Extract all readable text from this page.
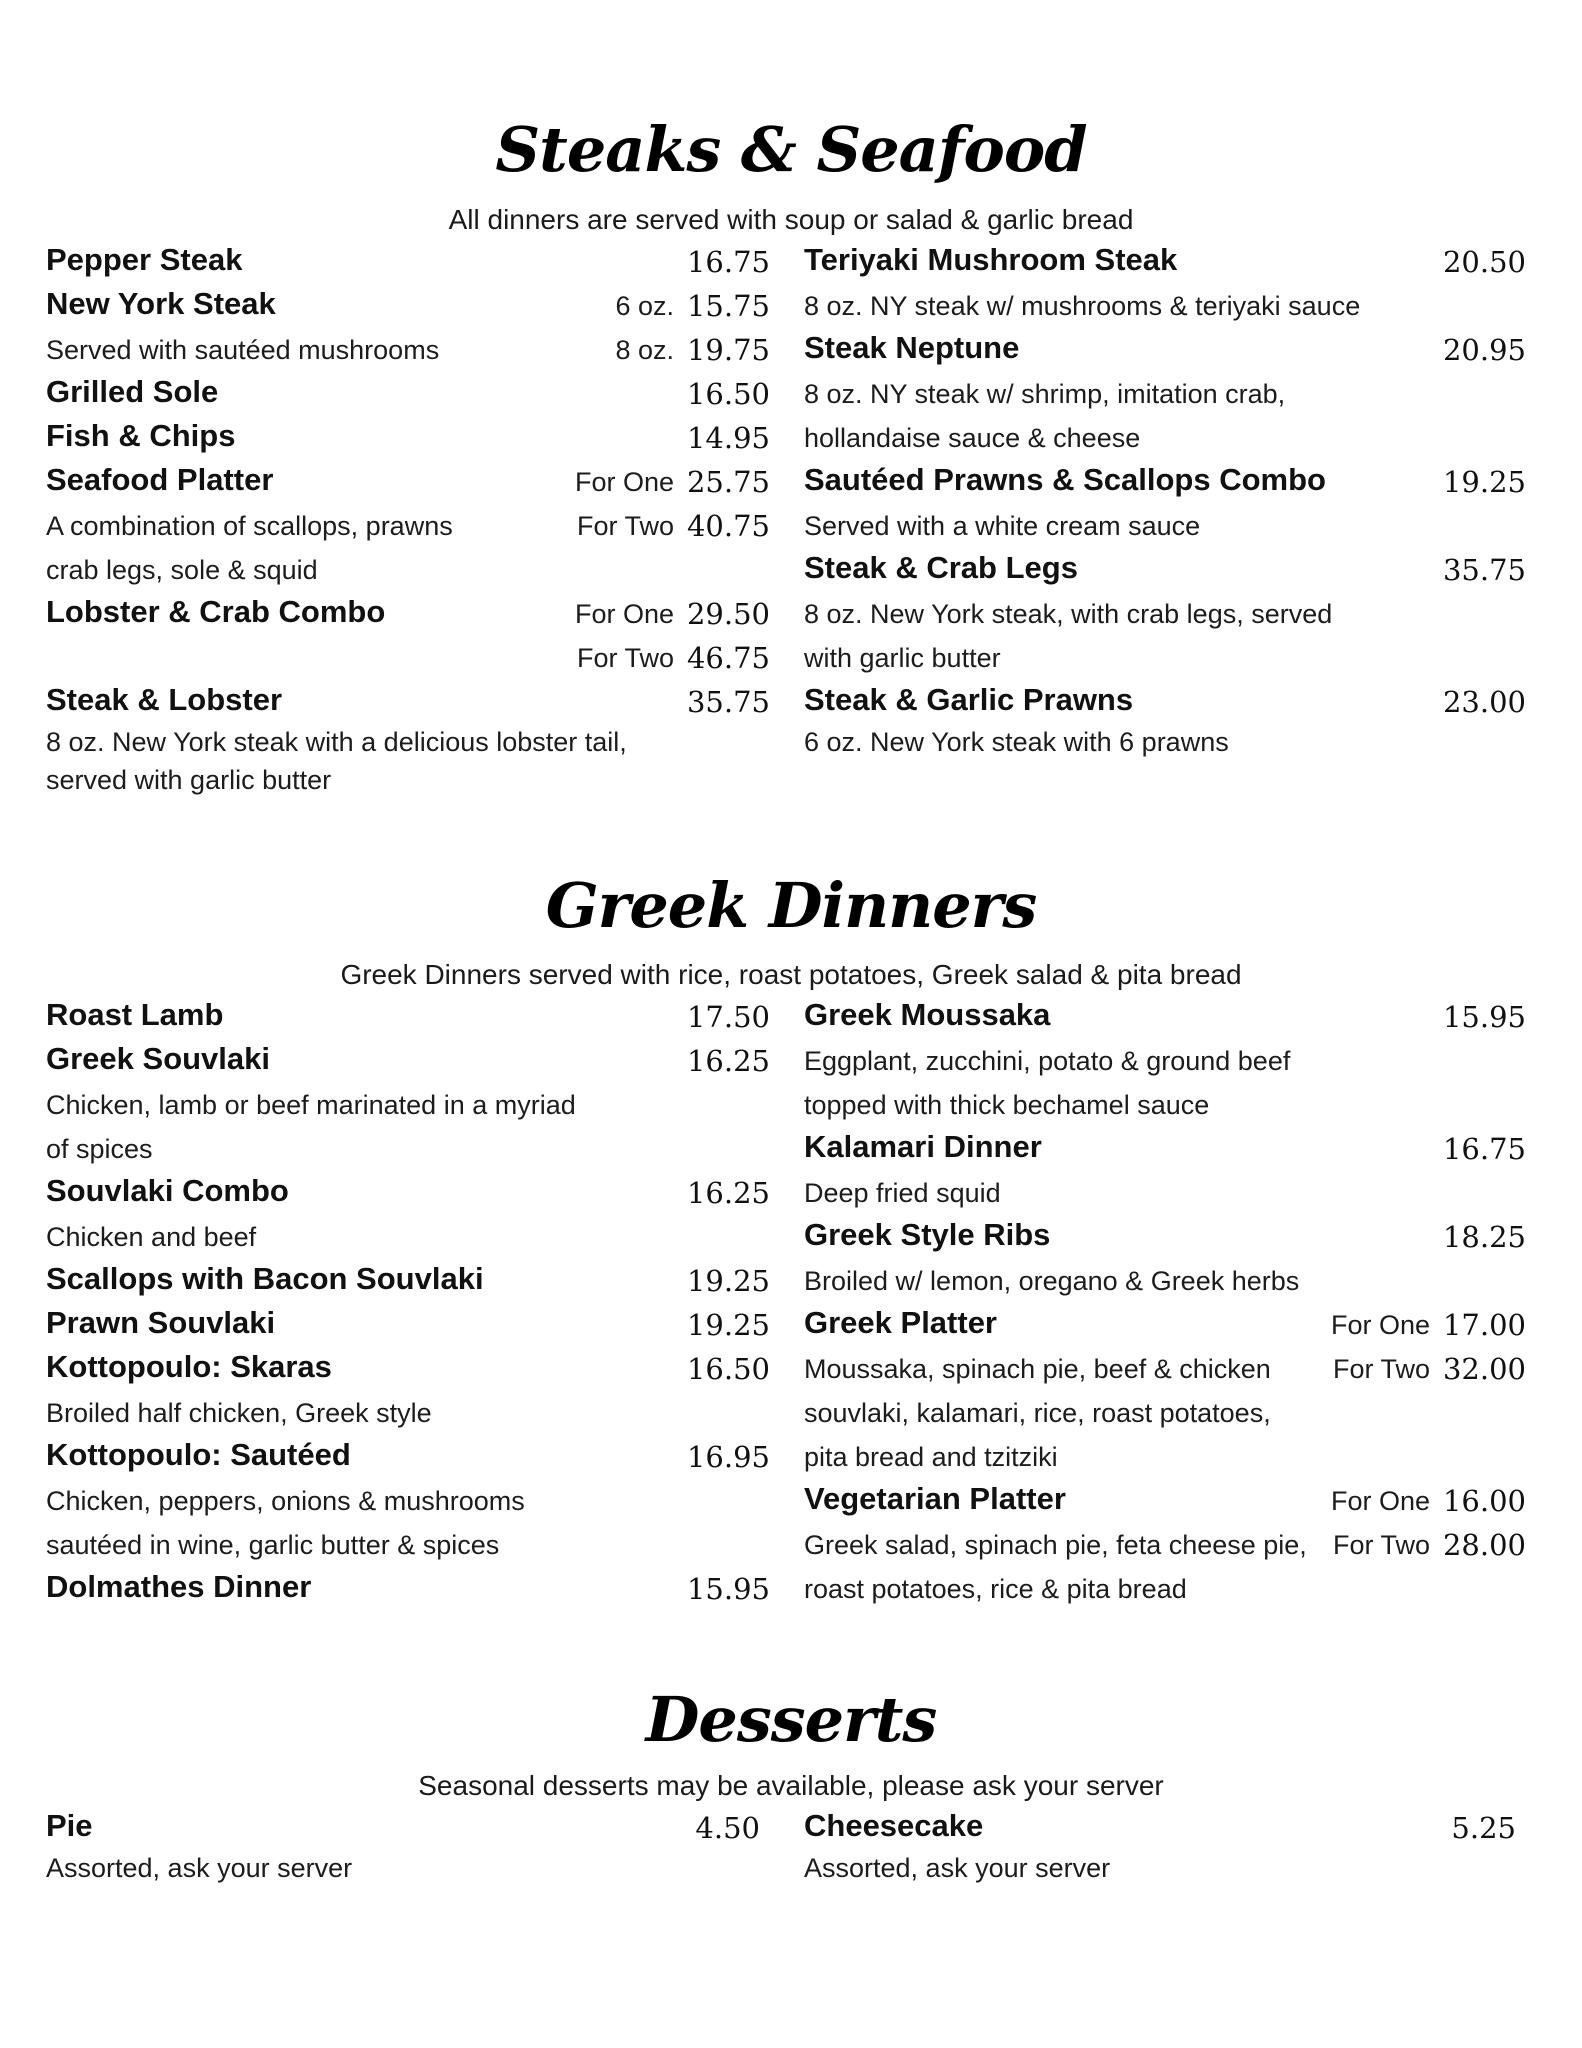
Steaks & Seafood
All dinners are served with soup or salad & garlic bread
Pepper Steak	16.75
New York Steak	6 oz. 15.75
Served with sautéed mushrooms	8 oz. 19.75
Grilled Sole	16.50
Fish & Chips	14.95
Seafood Platter	For One 25.75
A combination of scallops, prawns	For Two 40.75
crab legs, sole & squid
Lobster & Crab Combo	For One 29.50
For Two 46.75
Steak & Lobster	35.75
8 oz. New York steak with a delicious lobster tail,
served with garlic butter
Teriyaki Mushroom Steak	20.50
8 oz. NY steak w/ mushrooms & teriyaki sauce
Steak Neptune	20.95
8 oz. NY steak w/ shrimp, imitation crab,
hollandaise sauce & cheese
Sautéed Prawns & Scallops Combo	19.25
Served with a white cream sauce
Steak & Crab Legs	35.75
8 oz. New York steak, with crab legs, served
with garlic butter
Steak & Garlic Prawns	23.00
6 oz. New York steak with 6 prawns
Greek Dinners
Greek Dinners served with rice, roast potatoes, Greek salad & pita bread
Roast Lamb	17.50
Greek Souvlaki	16.25
Chicken, lamb or beef marinated in a myriad
of spices
Souvlaki Combo	16.25
Chicken and beef
Scallops with Bacon Souvlaki	19.25
Prawn Souvlaki	19.25
Kottopoulo: Skaras	16.50
Broiled half chicken, Greek style
Kottopoulo: Sautéed	16.95
Chicken, peppers, onions & mushrooms
sautéed in wine, garlic butter & spices
Dolmathes Dinner	15.95
Greek Moussaka	15.95
Eggplant, zucchini, potato & ground beef
topped with thick bechamel sauce
Kalamari Dinner	16.75
Deep fried squid
Greek Style Ribs	18.25
Broiled w/ lemon, oregano & Greek herbs
Greek Platter	For One 17.00
Moussaka, spinach pie, beef & chicken For Two 32.00
souvlaki, kalamari, rice, roast potatoes,
pita bread and tzitziki
Vegetarian Platter	For One 16.00
Greek salad, spinach pie, feta cheese pie, For Two 28.00
roast potatoes, rice & pita bread
Desserts
Seasonal desserts may be available, please ask your server
Pie	4.50
Assorted, ask your server
Cheesecake	5.25
Assorted, ask your server
